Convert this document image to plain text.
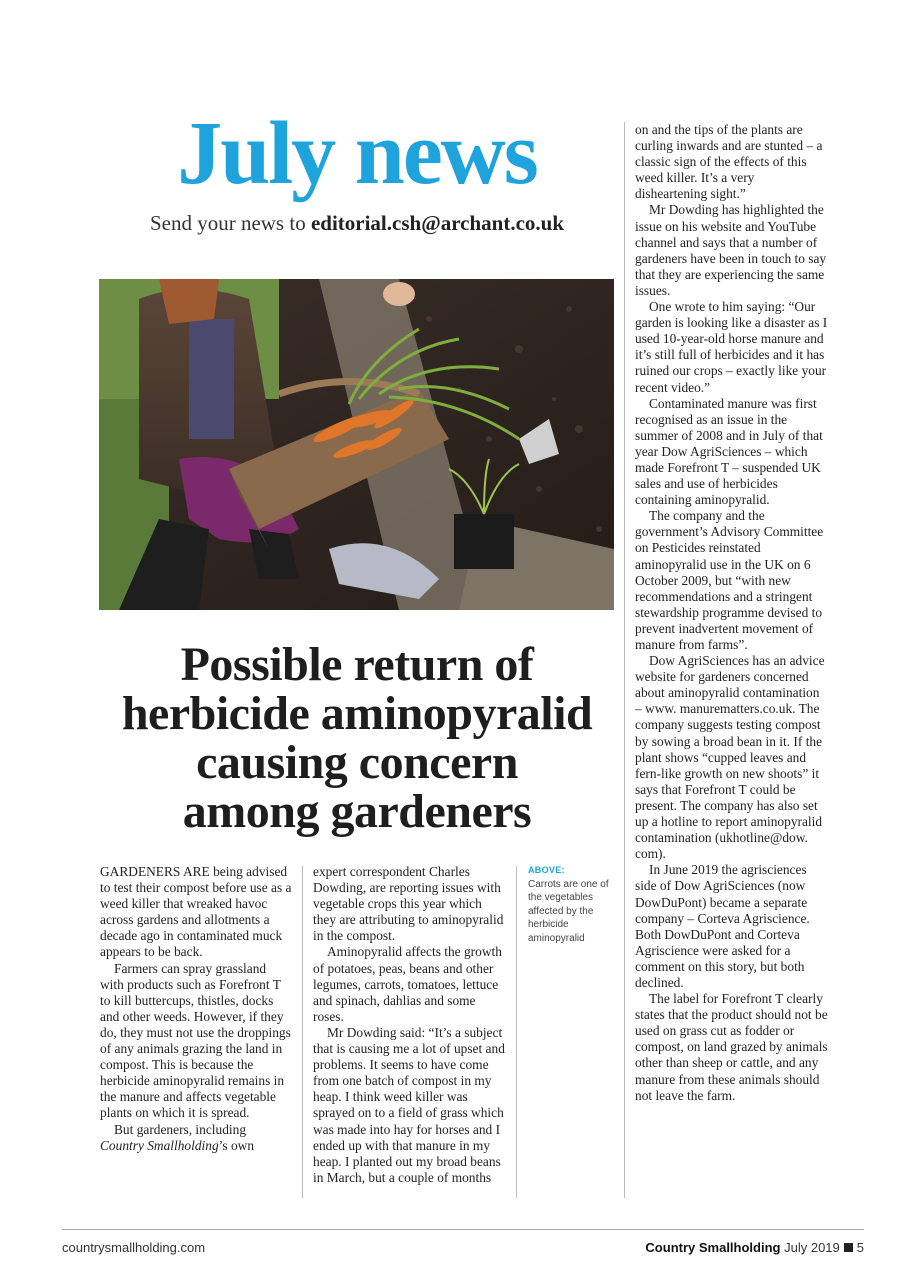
July news
Send your news to editorial.csh@archant.co.uk
Possible return of
herbicide aminopyralid
causing concern
among gardeners

GARDENERS ARE being advised to test their compost before use as a weed killer that wreaked havoc across gardens and allotments a decade ago in contaminated muck appears to be back.

Farmers can spray grassland with products such as Forefront T to kill buttercups, thistles, docks and other weeds. However, if they do, they must not use the droppings of any animals grazing the land in compost. This is because the herbicide aminopyralid remains in the manure and affects vegetable plants on which it is spread.

But gardeners, including Country Smallholding’s own

expert correspondent Charles Dowding, are reporting issues with vegetable crops this year which they are attributing to aminopyralid in the compost.

Aminopyralid affects the growth of potatoes, peas, beans and other legumes, carrots, tomatoes, lettuce and spinach, dahlias and some roses.

Mr Dowding said: “It’s a subject that is causing me a lot of upset and problems. It seems to have come from one batch of compost in my heap. I think weed killer was sprayed on to a field of grass which was made into hay for horses and I ended up with that manure in my heap. I planted out my broad beans in March, but a couple of months

ABOVE:
Carrots are one of the vegetables affected by the herbicide aminopyralid

on and the tips of the plants are curling inwards and are stunted – a classic sign of the effects of this weed killer. It’s a very disheartening sight.”

Mr Dowding has highlighted the issue on his website and YouTube channel and says that a number of gardeners have been in touch to say that they are experiencing the same issues.

One wrote to him saying: “Our garden is looking like a disaster as I used 10-year-old horse manure and it’s still full of herbicides and it has ruined our crops – exactly like your recent video.”

Contaminated manure was first recognised as an issue in the summer of 2008 and in July of that year Dow AgriSciences – which made Forefront T – suspended UK sales and use of herbicides containing aminopyralid.

The company and the government’s Advisory Committee on Pesticides reinstated aminopyralid use in the UK on 6 October 2009, but “with new recommendations and a stringent stewardship programme devised to prevent inadvertent movement of manure from farms”.

Dow AgriSciences has an advice website for gardeners concerned about aminopyralid contamination – www. manurematters.co.uk. The company suggests testing compost by sowing a broad bean in it. If the plant shows “cupped leaves and fern-like growth on new shoots” it says that Forefront T could be present. The company has also set up a hotline to report aminopyralid contamination (ukhotline@dow. com).

In June 2019 the agrisciences side of Dow AgriSciences (now DowDuPont) became a separate company – Corteva Agriscience. Both DowDuPont and Corteva Agriscience were asked for a comment on this story, but both declined.

The label for Forefront T clearly states that the product should not be used on grass cut as fodder or compost, on land grazed by animals other than sheep or cattle, and any manure from these animals should not leave the farm.

countrysmallholding.com	Country Smallholding July 2019 5
